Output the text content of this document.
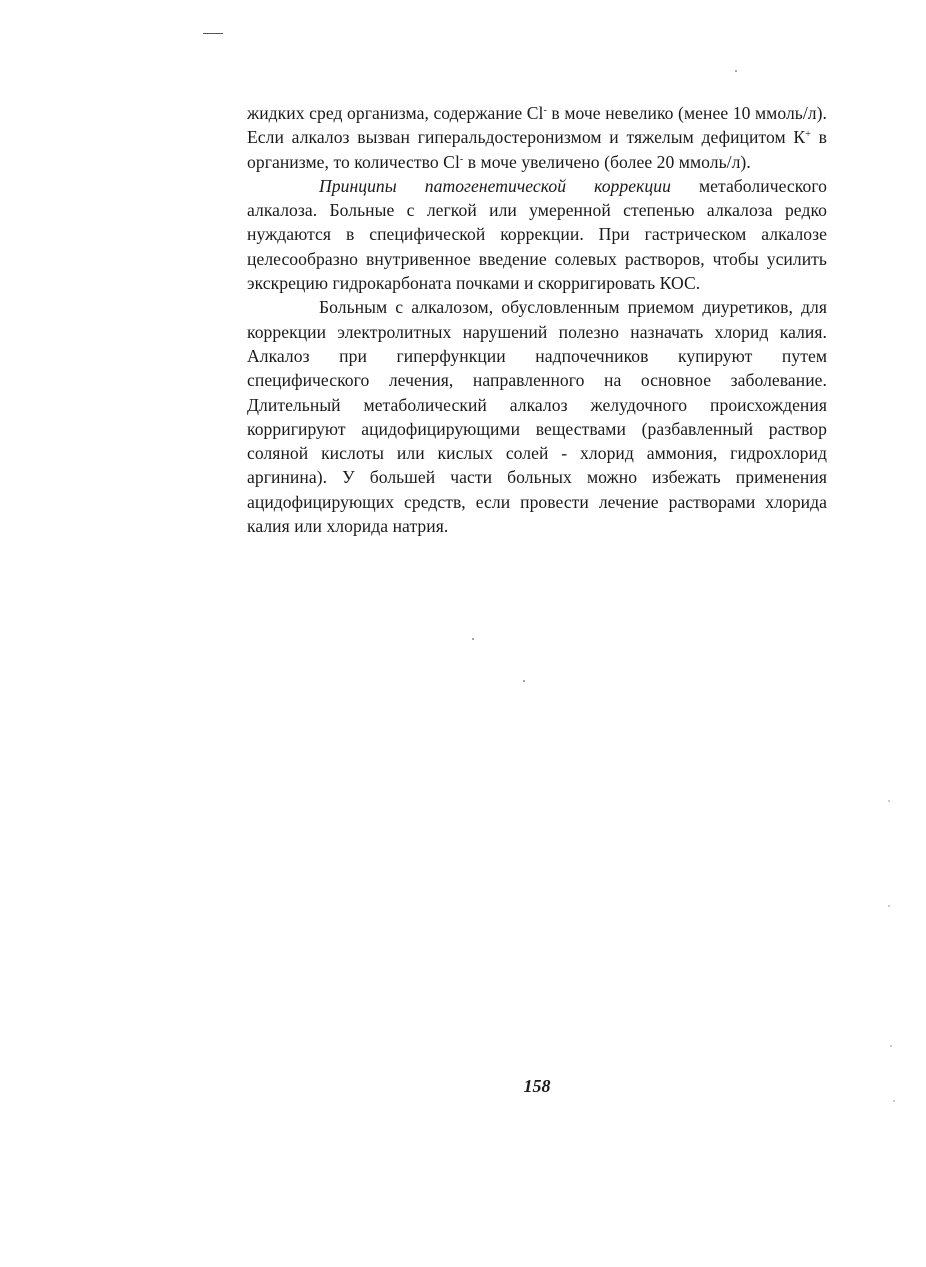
жидких сред организма, содержание Cl- в моче невелико (менее 10 ммоль/л). Если алкалоз вызван гиперальдостеронизмом и тяжелым дефицитом К+ в организме, то количество Cl- в моче увеличено (более 20 ммоль/л).

Принципы патогенетической коррекции метаболического алкалоза. Больные с легкой или умеренной степенью алкалоза редко нуждаются в специфической коррекции. При гастрическом алкалозе целесообразно внутривенное введение солевых растворов, чтобы усилить экскрецию гидрокарбоната почками и скорригировать КОС.

Больным с алкалозом, обусловленным приемом диуретиков, для коррекции электролитных нарушений полезно назначать хлорид калия. Алкалоз при гиперфункции надпочечников купируют путем специфического лечения, направленного на основное заболевание. Длительный метаболический алкалоз желудочного происхождения корригируют ацидофицирующими веществами (разбавленный раствор соляной кислоты или кислых солей - хлорид аммония, гидрохлорид аргинина). У большей части больных можно избежать применения ацидофицирующих средств, если провести лечение растворами хлорида калия или хлорида натрия.

158
